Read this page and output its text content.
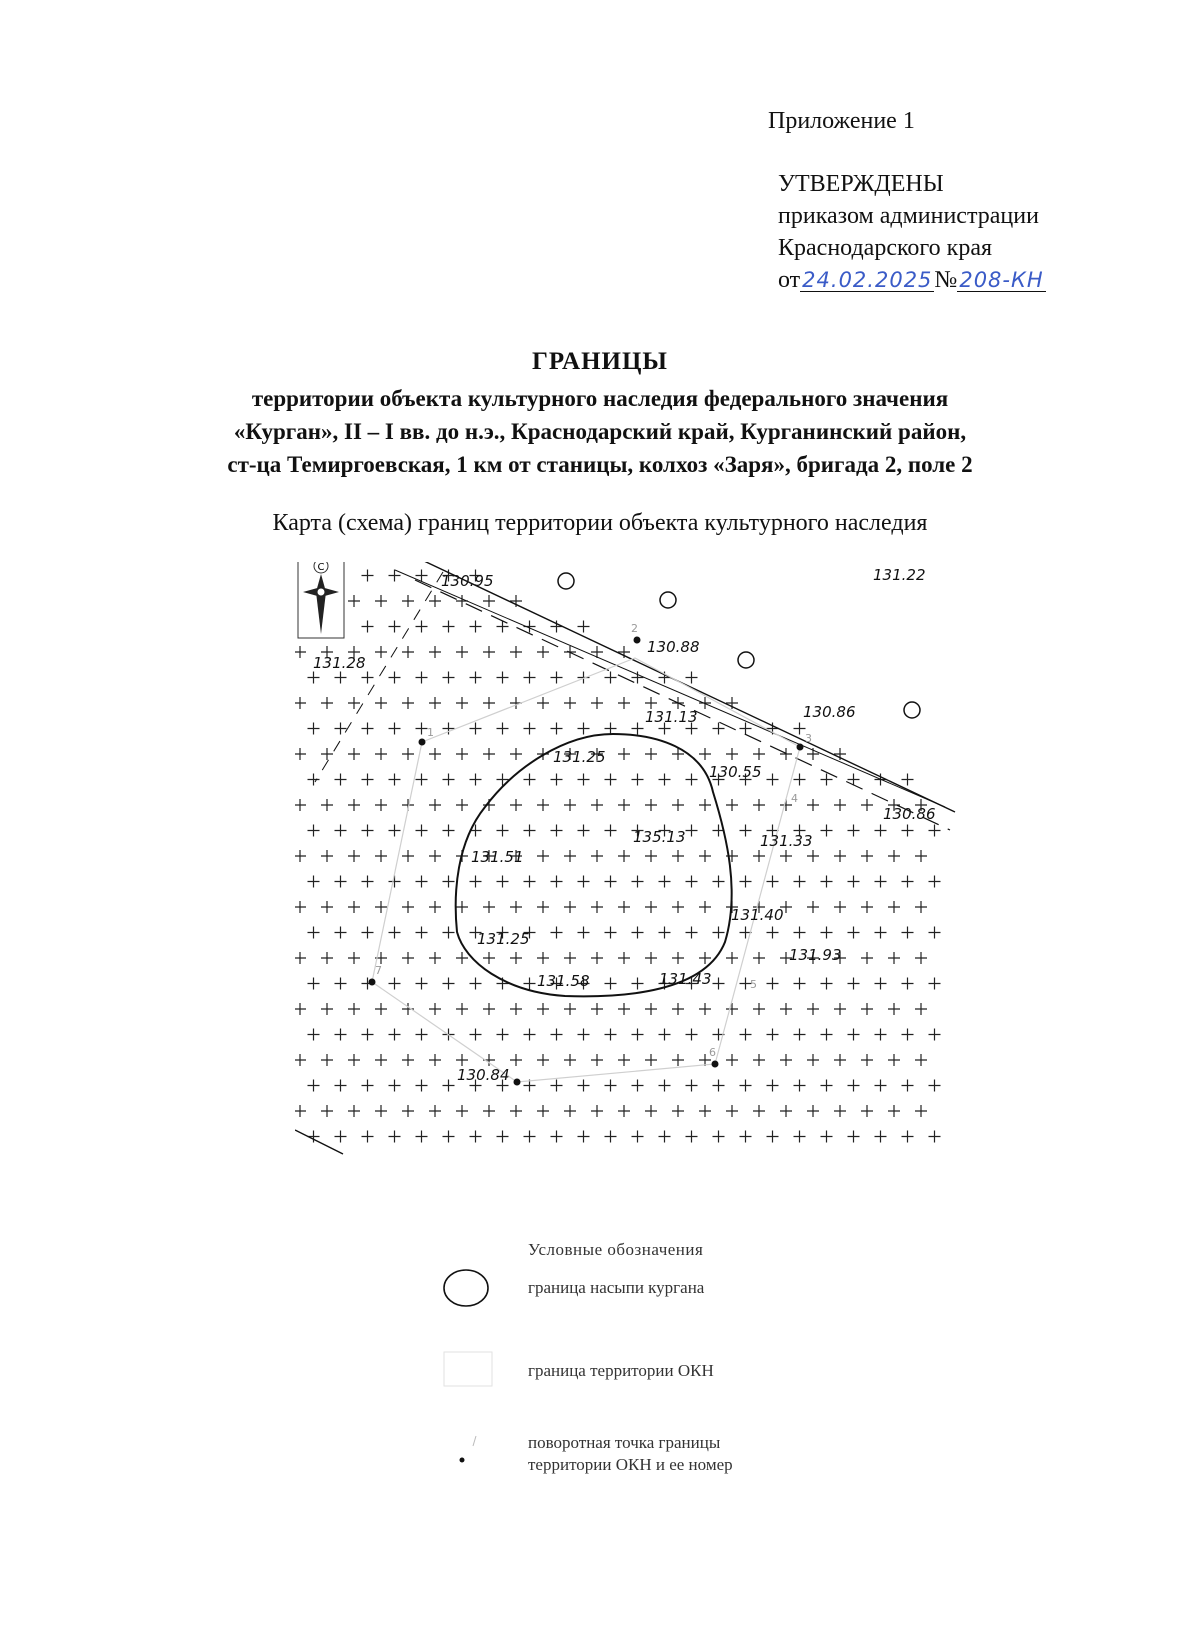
Приложение 1
УТВЕРЖДЕНЫ
приказом администрации
Краснодарского края
от24.02.2025№208-КН
ГРАНИЦЫ
территории объекта культурного наследия федерального значения
«Курган», II – I вв. до н.э., Краснодарский край, Курганинский район,
ст-ца Темиргоевская, 1 км от станицы, колхоз «Заря», бригада 2, поле 2
Карта (схема) границ территории объекта культурного наследия
С
130.95	131.22
130.88
131.28
131.13	130.86
131.25
130.55
130.86
135.13	131.33
131.51
131.40
131.25
131.93
131.58	131.43
130.84
1
2
3
4
5
6
7
Условные обозначения
граница насыпи кургана
граница территории ОКН
поворотная точка границы
территории ОКН и ее номер
